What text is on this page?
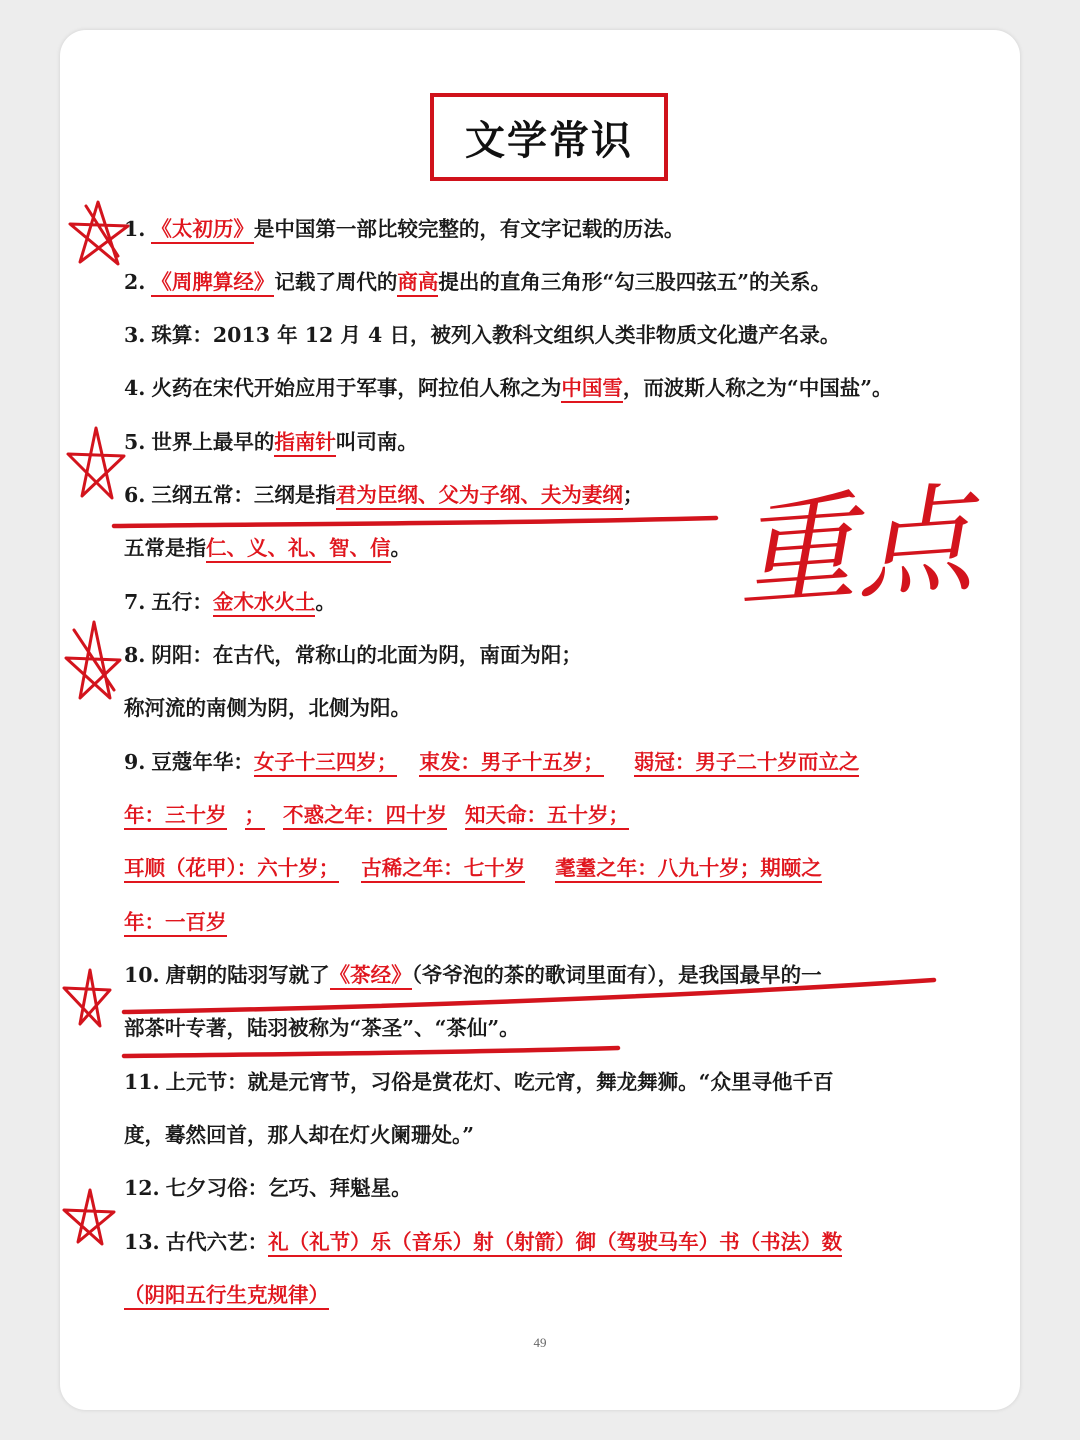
文学常识
1. 《太初历》是中国第一部比较完整的，有文字记载的历法。
2. 《周脾算经》记载了周代的商高提出的直角三角形“勾三股四弦五”的关系。
3. 珠算：2013 年 12 月 4 日，被列入教科文组织人类非物质文化遗产名录。
4. 火药在宋代开始应用于军事，阿拉伯人称之为中国雪，而波斯人称之为“中国盐”。
5. 世界上最早的指南针叫司南。
6. 三纲五常：三纲是指君为臣纲、父为子纲、夫为妻纲；
五常是指仁、义、礼、智、信。
7. 五行：金木水火土。
8. 阴阳：在古代，常称山的北面为阴，南面为阳；
称河流的南侧为阴，北侧为阳。
9. 豆蔻年华：女子十三四岁； 束发：男子十五岁； 弱冠：男子二十岁而立之
年：三十岁 ； 不惑之年：四十岁 知天命：五十岁；
耳顺（花甲）：六十岁； 古稀之年：七十岁 耄耋之年：八九十岁；期颐之
年：一百岁
10. 唐朝的陆羽写就了《茶经》（爷爷泡的茶的歌词里面有），是我国最早的一
部茶叶专著，陆羽被称为“茶圣”、“茶仙”。
11. 上元节：就是元宵节，习俗是赏花灯、吃元宵，舞龙舞狮。“众里寻他千百
度，蓦然回首，那人却在灯火阑珊处。”
12. 七夕习俗：乞巧、拜魁星。
13. 古代六艺：礼（礼节）乐（音乐）射（射箭）御（驾驶马车）书（书法）数
（阴阳五行生克规律）
49
重点
